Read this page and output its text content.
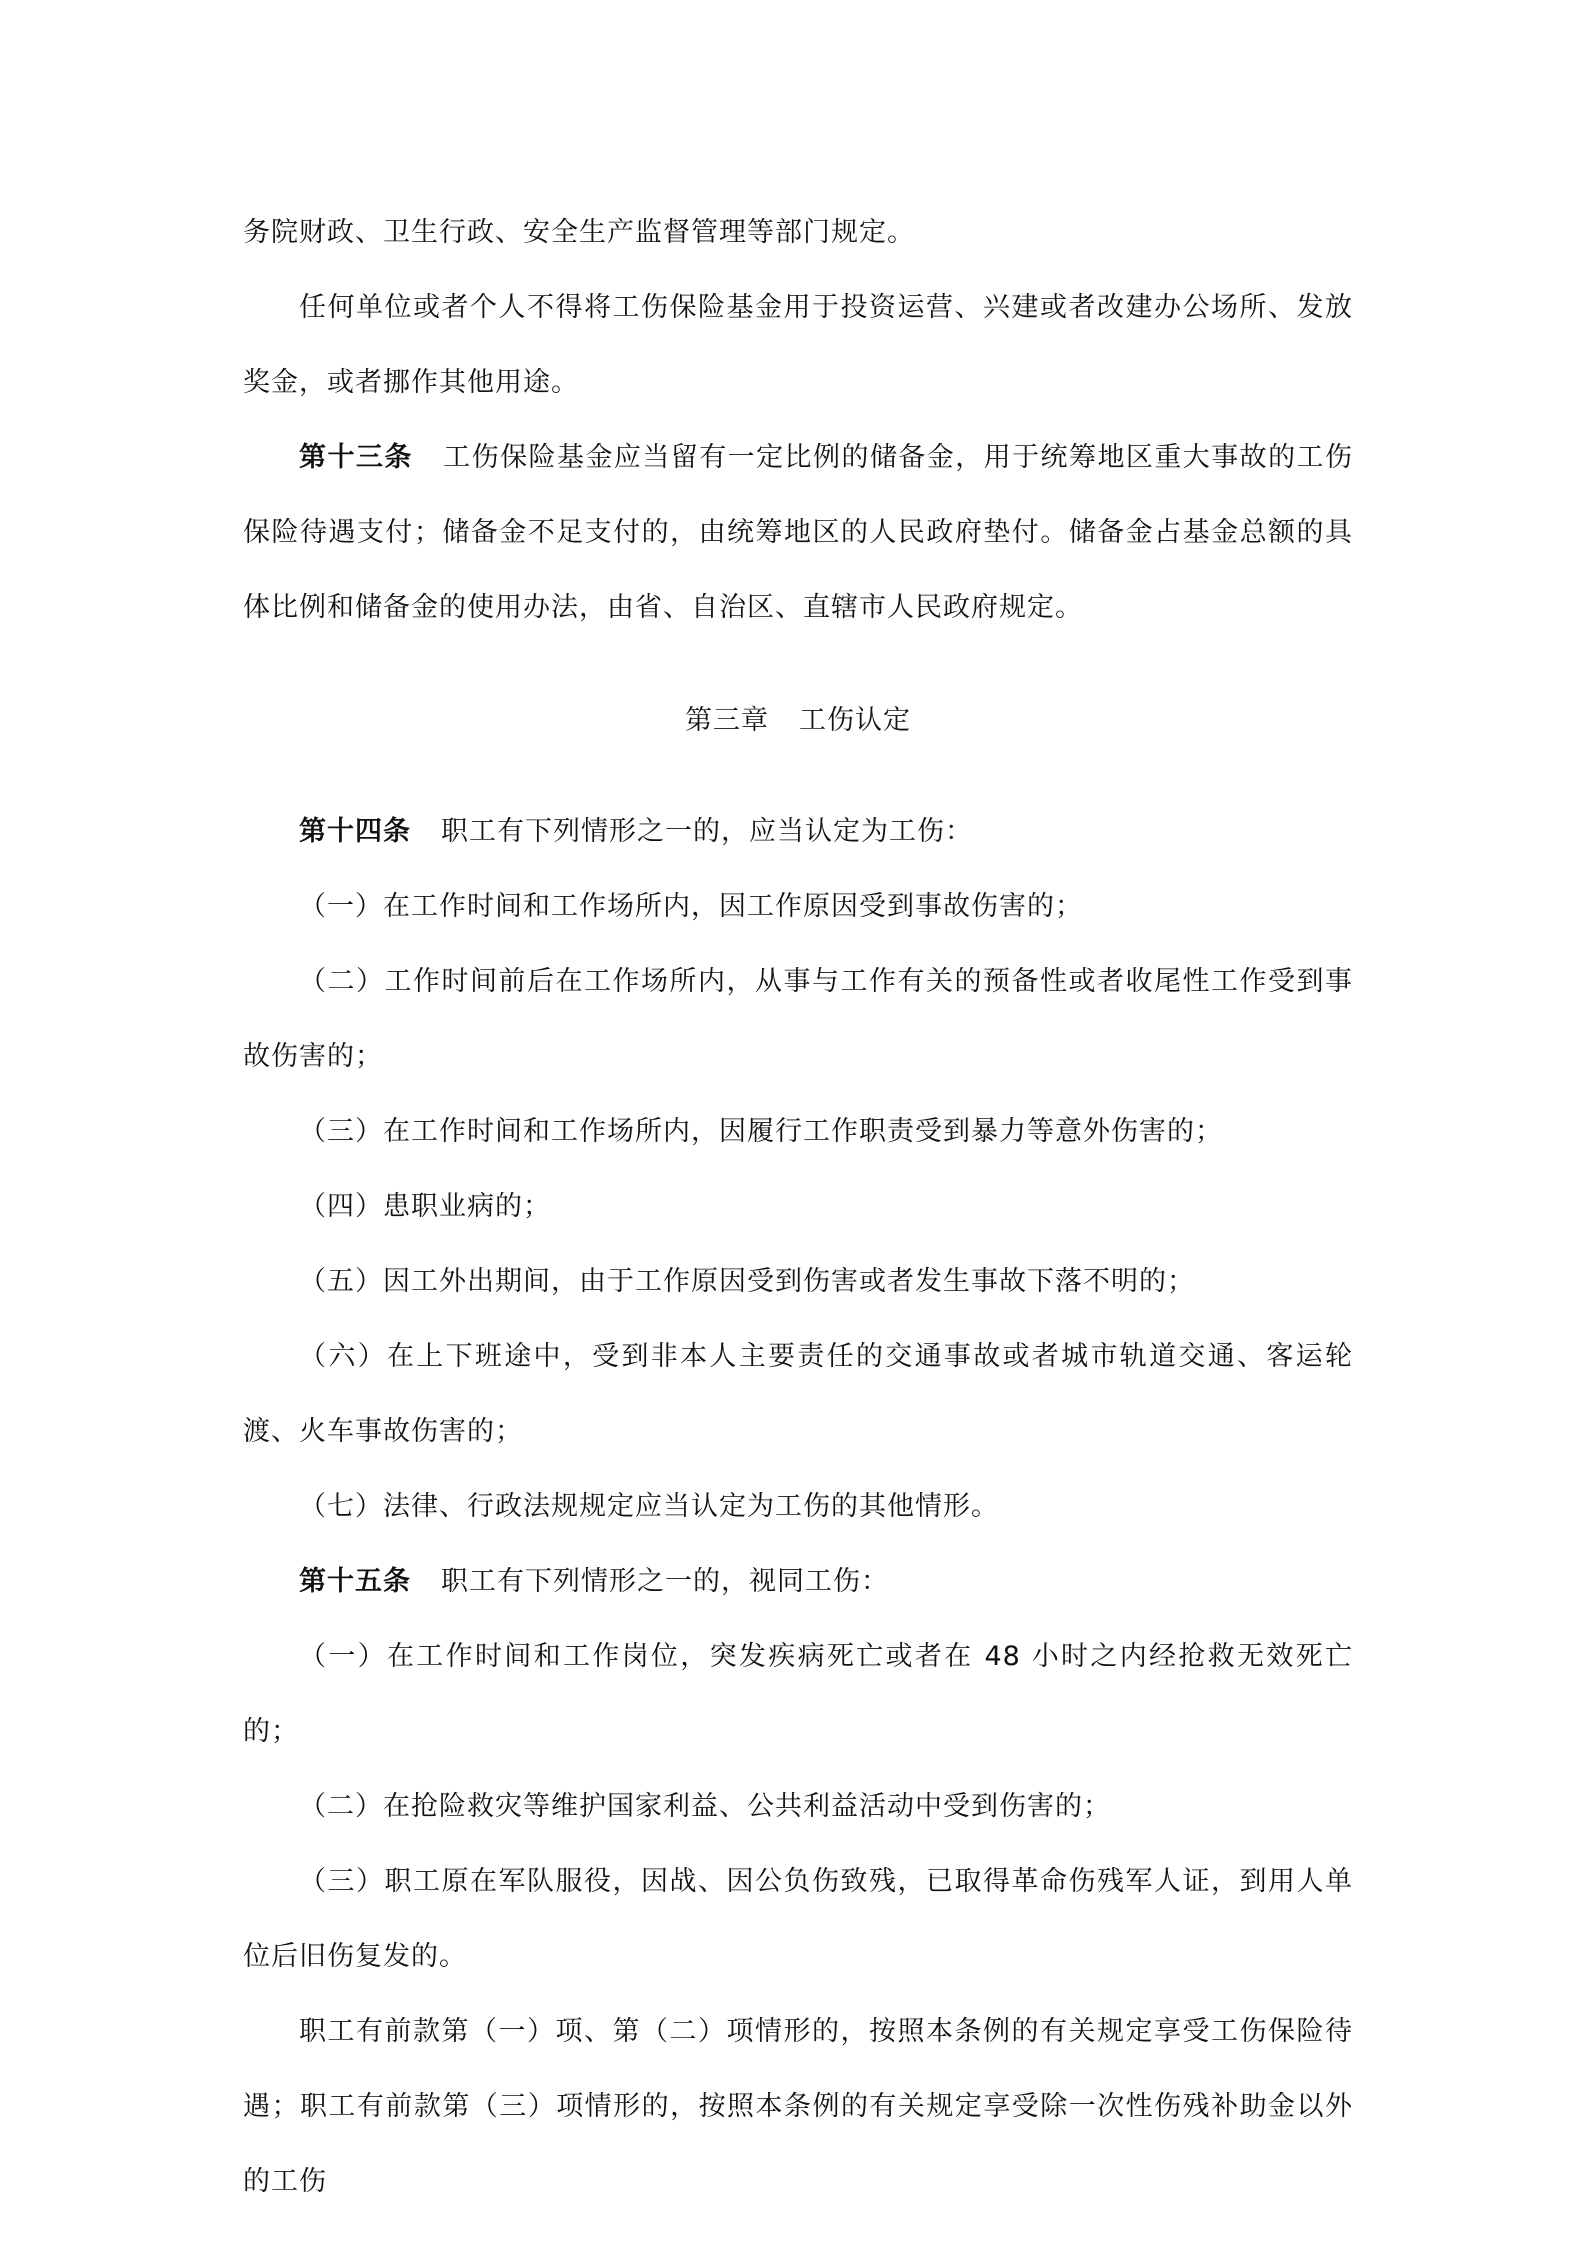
务院财政、卫生行政、安全生产监督管理等部门规定。

任何单位或者个人不得将工伤保险基金用于投资运营、兴建或者改建办公场所、发放奖金，或者挪作其他用途。

第十三条 工伤保险基金应当留有一定比例的储备金，用于统筹地区重大事故的工伤保险待遇支付；储备金不足支付的，由统筹地区的人民政府垫付。储备金占基金总额的具体比例和储备金的使用办法，由省、自治区、直辖市人民政府规定。

第三章 工伤认定

第十四条 职工有下列情形之一的，应当认定为工伤：

（一）在工作时间和工作场所内，因工作原因受到事故伤害的；

（二）工作时间前后在工作场所内，从事与工作有关的预备性或者收尾性工作受到事故伤害的；

（三）在工作时间和工作场所内，因履行工作职责受到暴力等意外伤害的；

（四）患职业病的；

（五）因工外出期间，由于工作原因受到伤害或者发生事故下落不明的；

（六）在上下班途中，受到非本人主要责任的交通事故或者城市轨道交通、客运轮渡、火车事故伤害的；

（七）法律、行政法规规定应当认定为工伤的其他情形。

第十五条 职工有下列情形之一的，视同工伤：

（一）在工作时间和工作岗位，突发疾病死亡或者在 48 小时之内经抢救无效死亡的；

（二）在抢险救灾等维护国家利益、公共利益活动中受到伤害的；

（三）职工原在军队服役，因战、因公负伤致残，已取得革命伤残军人证，到用人单位后旧伤复发的。

职工有前款第（一）项、第（二）项情形的，按照本条例的有关规定享受工伤保险待遇；职工有前款第（三）项情形的，按照本条例的有关规定享受除一次性伤残补助金以外的工伤
